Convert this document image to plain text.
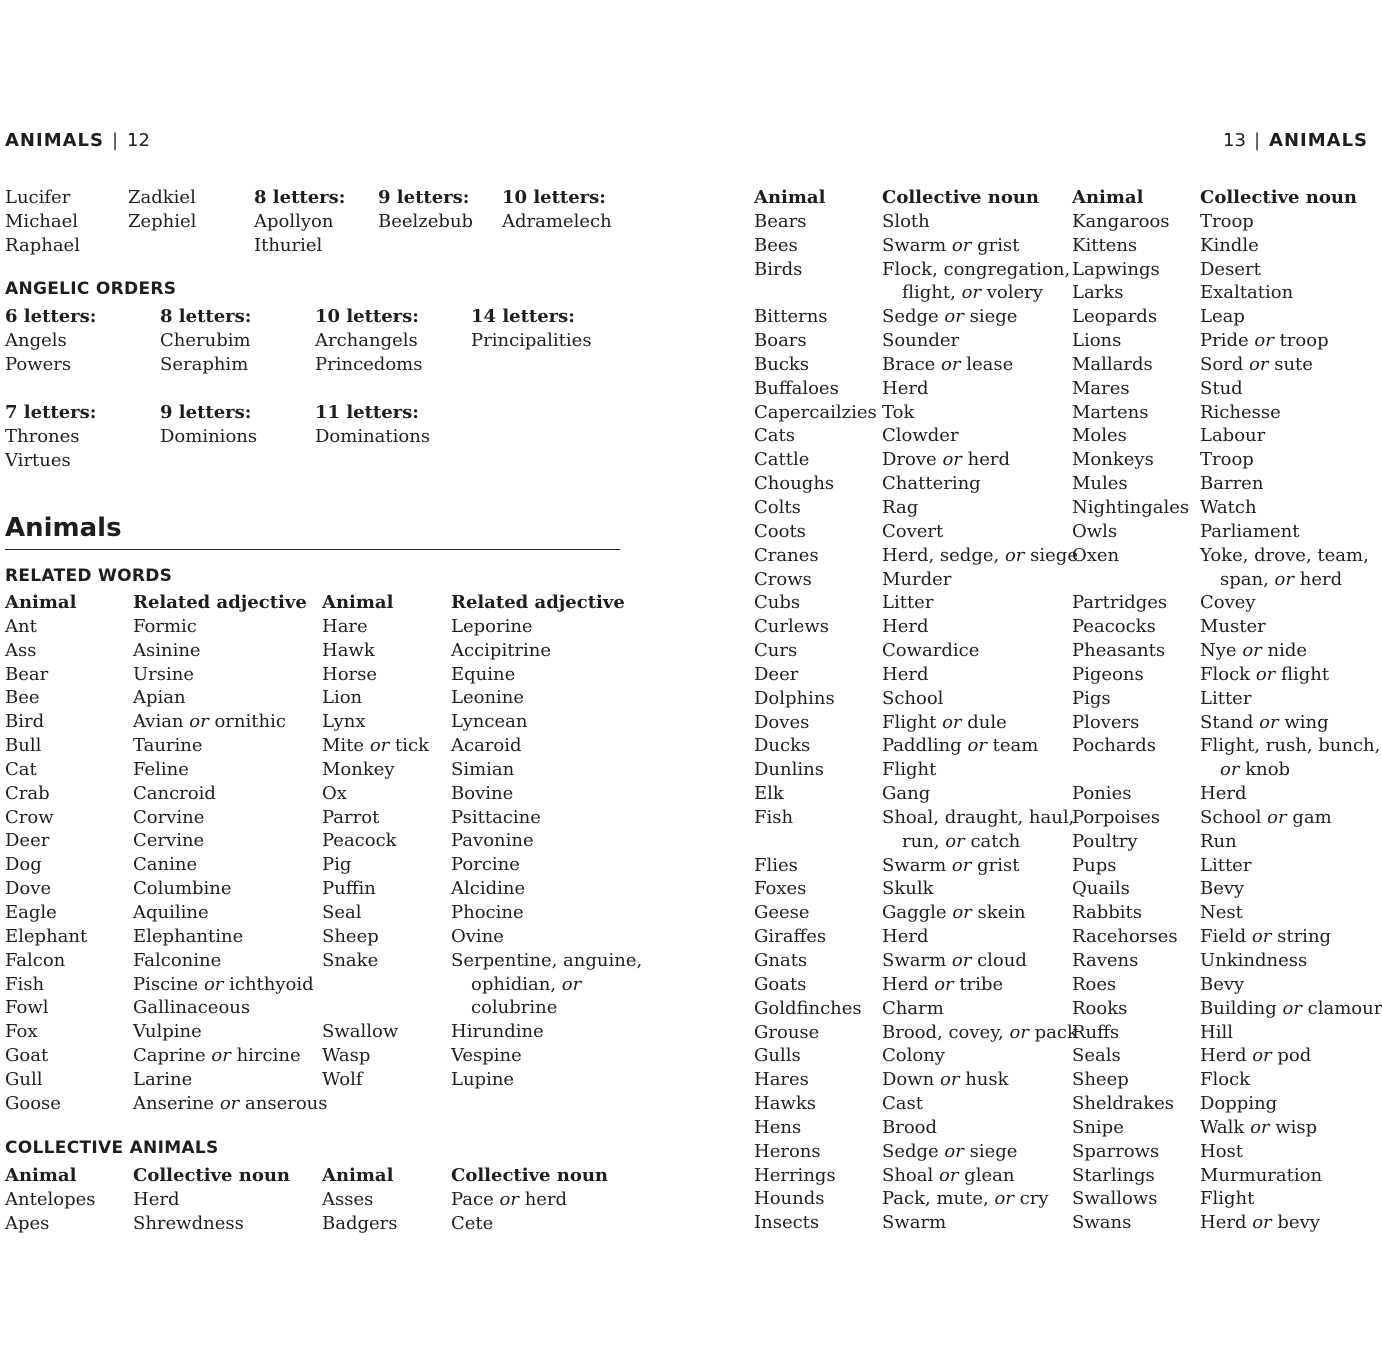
ANIMALS | 12	13 | ANIMALS
Lucifer
Michael
Raphael
Zadkiel
Zephiel
8 letters:
Apollyon
Ithuriel
9 letters:
Beelzebub
10 letters:
Adramelech
ANGELIC ORDERS
6 letters:
Angels
Powers
8 letters:
Cherubim
Seraphim
10 letters:
Archangels
Princedoms
14 letters:
Principalities
7 letters:
Thrones
Virtues
9 letters:
Dominions
11 letters:
Dominations
Animals
RELATED WORDS
Animal
Ant
Ass
Bear
Bee
Bird
Bull
Cat
Crab
Crow
Deer
Dog
Dove
Eagle
Elephant
Falcon
Fish
Fowl
Fox
Goat
Gull
Goose
Related adjective
Formic
Asinine
Ursine
Apian
Avian or ornithic
Taurine
Feline
Cancroid
Corvine
Cervine
Canine
Columbine
Aquiline
Elephantine
Falconine
Piscine or ichthyoid
Gallinaceous
Vulpine
Caprine or hircine
Larine
Anserine or anserous
Animal
Hare
Hawk
Horse
Lion
Lynx
Mite or tick
Monkey
Ox
Parrot
Peacock
Pig
Puffin
Seal
Sheep
Snake

Swallow
Wasp
Wolf
Related adjective
Leporine
Accipitrine
Equine
Leonine
Lyncean
Acaroid
Simian
Bovine
Psittacine
Pavonine
Porcine
Alcidine
Phocine
Ovine
Serpentine, anguine,
ophidian, or
colubrine
Hirundine
Vespine
Lupine
COLLECTIVE ANIMALS
Animal
Antelopes
Apes
Collective noun
Herd
Shrewdness
Animal
Asses
Badgers
Collective noun
Pace or herd
Cete
Animal
Bears
Bees
Birds

Bitterns
Boars
Bucks
Buffaloes
Capercailzies
Cats
Cattle
Choughs
Colts
Coots
Cranes
Crows
Cubs
Curlews
Curs
Deer
Dolphins
Doves
Ducks
Dunlins
Elk
Fish

Flies
Foxes
Geese
Giraffes
Gnats
Goats
Goldfinches
Grouse
Gulls
Hares
Hawks
Hens
Herons
Herrings
Hounds
Insects
Collective noun
Sloth
Swarm or grist
Flock, congregation,
flight, or volery
Sedge or siege
Sounder
Brace or lease
Herd
Tok
Clowder
Drove or herd
Chattering
Rag
Covert
Herd, sedge, or siege
Murder
Litter
Herd
Cowardice
Herd
School
Flight or dule
Paddling or team
Flight
Gang
Shoal, draught, haul,
run, or catch
Swarm or grist
Skulk
Gaggle or skein
Herd
Swarm or cloud
Herd or tribe
Charm
Brood, covey, or pack
Colony
Down or husk
Cast
Brood
Sedge or siege
Shoal or glean
Pack, mute, or cry
Swarm
Animal
Kangaroos
Kittens
Lapwings
Larks
Leopards
Lions
Mallards
Mares
Martens
Moles
Monkeys
Mules
Nightingales
Owls
Oxen

Partridges
Peacocks
Pheasants
Pigeons
Pigs
Plovers
Pochards

Ponies
Porpoises
Poultry
Pups
Quails
Rabbits
Racehorses
Ravens
Roes
Rooks
Ruffs
Seals
Sheep
Sheldrakes
Snipe
Sparrows
Starlings
Swallows
Swans
Collective noun
Troop
Kindle
Desert
Exaltation
Leap
Pride or troop
Sord or sute
Stud
Richesse
Labour
Troop
Barren
Watch
Parliament
Yoke, drove, team,
span, or herd
Covey
Muster
Nye or nide
Flock or flight
Litter
Stand or wing
Flight, rush, bunch,
or knob
Herd
School or gam
Run
Litter
Bevy
Nest
Field or string
Unkindness
Bevy
Building or clamour
Hill
Herd or pod
Flock
Dopping
Walk or wisp
Host
Murmuration
Flight
Herd or bevy
